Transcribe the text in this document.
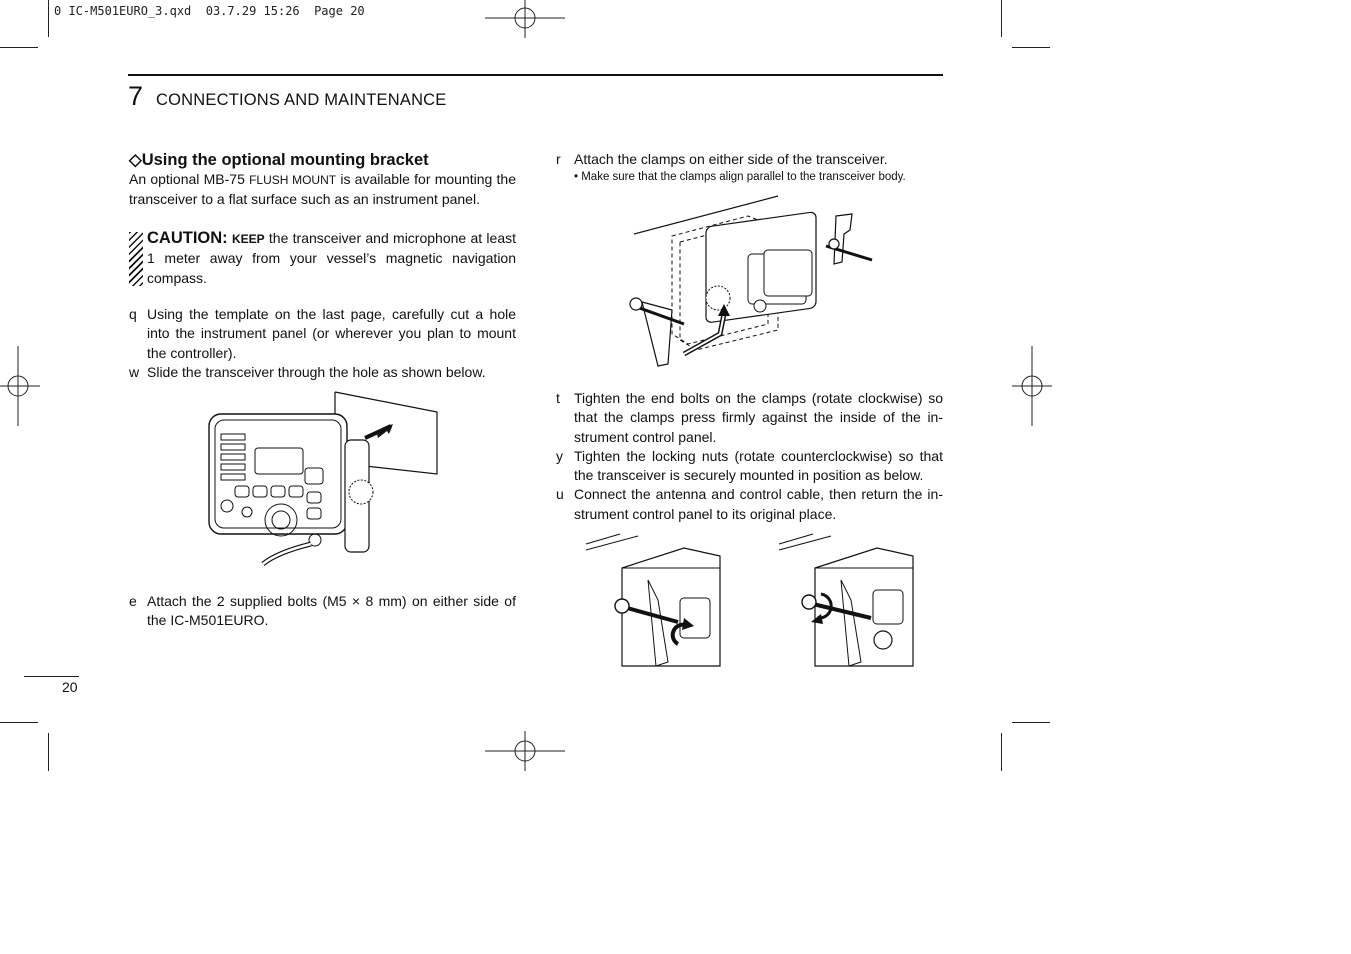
0 IC-M501EURO_3.qxd  03.7.29 15:26  Page 20
7 CONNECTIONS AND MAINTENANCE
◇Using the optional mounting bracket
An optional MB-75 FLUSH MOUNT is available for mounting the transceiver to a flat surface such as an instrument panel.
CAUTION: KEEP the transceiver and microphone at least 1 meter away from your vessel’s magnetic navigation compass.
q Using the template on the last page, carefully cut a hole into the instrument panel (or wherever you plan to mount the controller).
w Slide the transceiver through the hole as shown below.
e Attach the 2 supplied bolts (M5 × 8 mm) on either side of the IC-M501EURO.
r Attach the clamps on either side of the transceiver.
• Make sure that the clamps align parallel to the transceiver body.
t Tighten the end bolts on the clamps (rotate clockwise) so that the clamps press firmly against the inside of the in-strument control panel.
y Tighten the locking nuts (rotate counterclockwise) so that the transceiver is securely mounted in position as below.
u Connect the antenna and control cable, then return the in-strument control panel to its original place.
20
